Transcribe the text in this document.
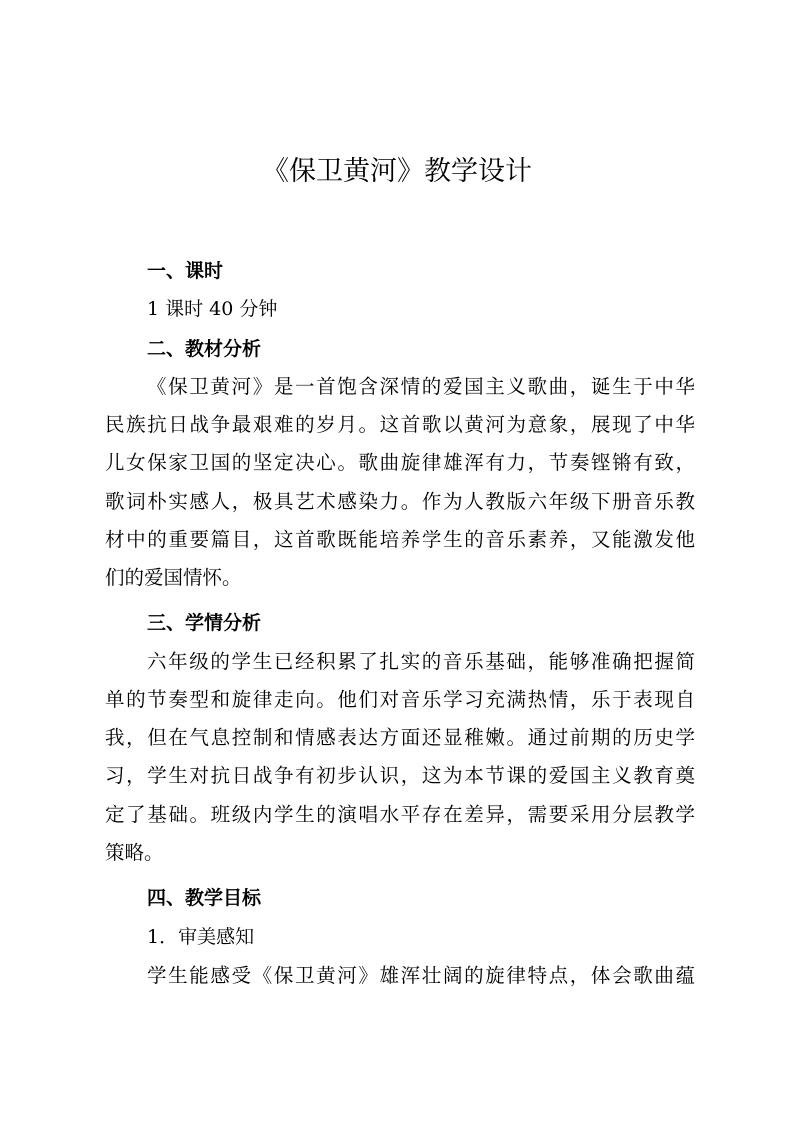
《保卫黄河》教学设计
一、课时
1 课时 40 分钟
二、教材分析
《保卫黄河》是一首饱含深情的爱国主义歌曲，诞生于中华
民族抗日战争最艰难的岁月。这首歌以黄河为意象，展现了中华
儿女保家卫国的坚定决心。歌曲旋律雄浑有力，节奏铿锵有致，
歌词朴实感人，极具艺术感染力。作为人教版六年级下册音乐教
材中的重要篇目，这首歌既能培养学生的音乐素养，又能激发他
们的爱国情怀。
三、学情分析
六年级的学生已经积累了扎实的音乐基础，能够准确把握简
单的节奏型和旋律走向。他们对音乐学习充满热情，乐于表现自
我，但在气息控制和情感表达方面还显稚嫩。通过前期的历史学
习，学生对抗日战争有初步认识，这为本节课的爱国主义教育奠
定了基础。班级内学生的演唱水平存在差异，需要采用分层教学
策略。
四、教学目标
1．审美感知
学生能感受《保卫黄河》雄浑壮阔的旋律特点，体会歌曲蕴
